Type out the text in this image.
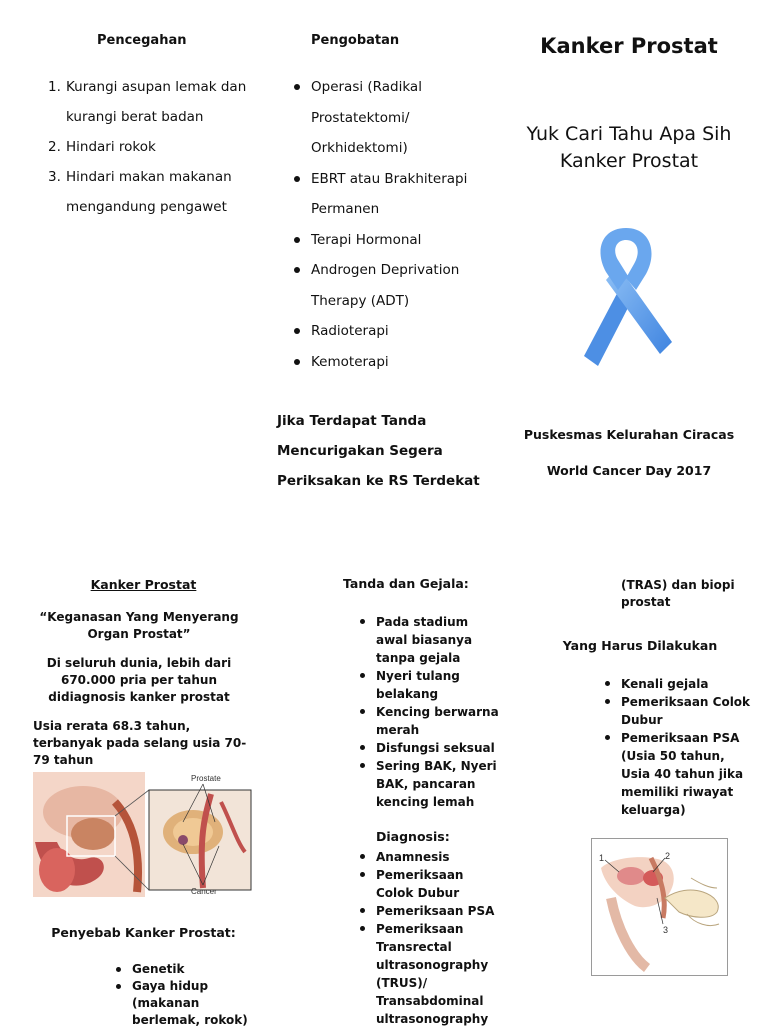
Pencegahan
1. Kurangi asupan lemak dan kurangi berat badan
2. Hindari rokok
3. Hindari makan makanan mengandung pengawet
Pengobatan
Operasi (Radikal Prostatektomi/ Orkhidektomi)
EBRT atau Brakhiterapi Permanen
Terapi Hormonal
Androgen Deprivation Therapy (ADT)
Radioterapi
Kemoterapi
Jika Terdapat Tanda Mencurigakan Segera Periksakan ke RS Terdekat
Kanker Prostat
Yuk Cari Tahu Apa Sih Kanker Prostat
Puskesmas Kelurahan Ciracas
World Cancer Day 2017
Kanker Prostat
“Keganasan Yang Menyerang Organ Prostat”
Di seluruh dunia, lebih dari 670.000 pria per tahun didiagnosis kanker prostat
Usia rerata 68.3 tahun, terbanyak pada selang usia 70-79 tahun
Prostate
Cancer
Penyebab Kanker Prostat:
Genetik
Gaya hidup (makanan berlemak, rokok)
Tanda dan Gejala:
Pada stadium awal biasanya tanpa gejala
Nyeri tulang belakang
Kencing berwarna merah
Disfungsi seksual
Sering BAK, Nyeri BAK, pancaran kencing lemah
Diagnosis:
Anamnesis
Pemeriksaan Colok Dubur
Pemeriksaan PSA
Pemeriksaan Transrectal ultrasonography (TRUS)/ Transabdominal ultrasonography
(TRAS) dan biopi prostat
Yang Harus Dilakukan
Kenali gejala
Pemeriksaan Colok Dubur
Pemeriksaan PSA (Usia 50 tahun, Usia 40 tahun jika memiliki riwayat keluarga)
1	2
3
